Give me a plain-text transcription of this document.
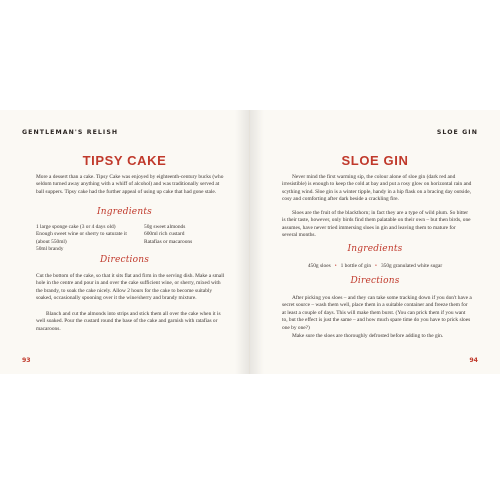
GENTLEMAN'S RELISH
TIPSY CAKE
More a dessert than a cake. Tipsy Cake was enjoyed by eighteenth-century bucks (who seldom turned away anything with a whiff of alcohol) and was traditionally served at ball suppers. Tipsy cake had the further appeal of using up cake that had gone stale.
Ingredients
1 large sponge cake (3 or 4 days old)
Enough sweet wine or sherry to saturate it
(about 550ml)
50ml brandy
50g sweet almonds
600ml rich custard
Ratafias or macaroons
Directions
Cut the bottom of the cake, so that it sits flat and firm in the serving dish. Make a small hole in the centre and pour in and over the cake sufficient wine, or sherry, mixed with the brandy, to soak the cake nicely. Allow 2 hours for the cake to become suitably soaked, occasionally spooning over it the wine/sherry and brandy mixture.
Blanch and cut the almonds into strips and stick them all over the cake when it is well soaked. Pour the custard round the base of the cake and garnish with ratafias or macaroons.
93
SLOE GIN
SLOE GIN
Never mind the first warming sip, the colour alone of sloe gin (dark red and irresistible) is enough to keep the cold at bay and put a rosy glow on horizontal rain and scything wind. Sloe gin is a winter tipple, handy in a hip flask on a bracing day outside, cosy and comforting after dark beside a crackling fire.
Sloes are the fruit of the blackthorn; in fact they are a type of wild plum. So bitter is their taste, however, only birds find them palatable on their own – but then birds, one assumes, have never tried immersing sloes in gin and leaving them to mature for several months.
Ingredients
450g sloes • 1 bottle of gin • 350g granulated white sugar
Directions
After picking you sloes – and they can take some tracking down if you don't have a secret source – wash them well, place them in a suitable container and freeze them for at least a couple of days. This will make them burst. (You can prick them if you want to, but the effect is just the same – and how much spare time do you have to prick sloes one by one?)
Make sure the sloes are thoroughly defrosted before adding to the gin.
94
